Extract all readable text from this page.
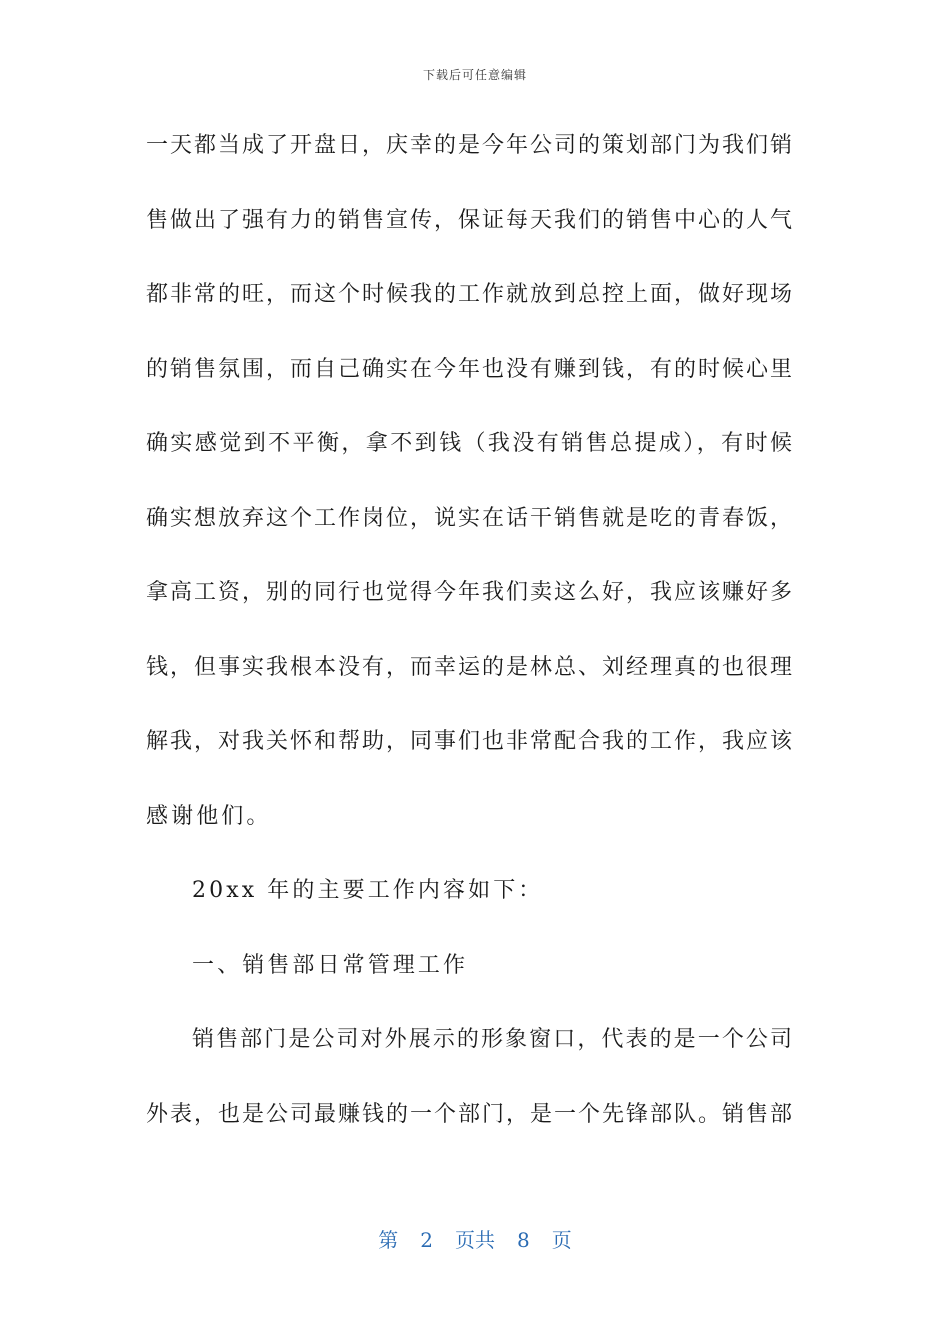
下载后可任意编辑
一天都当成了开盘日，庆幸的是今年公司的策划部门为我们销
售做出了强有力的销售宣传，保证每天我们的销售中心的人气
都非常的旺，而这个时候我的工作就放到总控上面，做好现场
的销售氛围，而自己确实在今年也没有赚到钱，有的时候心里
确实感觉到不平衡，拿不到钱（我没有销售总提成），有时候
确实想放弃这个工作岗位，说实在话干销售就是吃的青春饭，
拿高工资，别的同行也觉得今年我们卖这么好，我应该赚好多
钱，但事实我根本没有，而幸运的是林总、刘经理真的也很理
解我，对我关怀和帮助，同事们也非常配合我的工作，我应该
感谢他们。
20xx 年的主要工作内容如下：
一、销售部日常管理工作
销售部门是公司对外展示的形象窗口，代表的是一个公司
外表，也是公司最赚钱的一个部门，是一个先锋部队。销售部
第 2 页共 8 页
